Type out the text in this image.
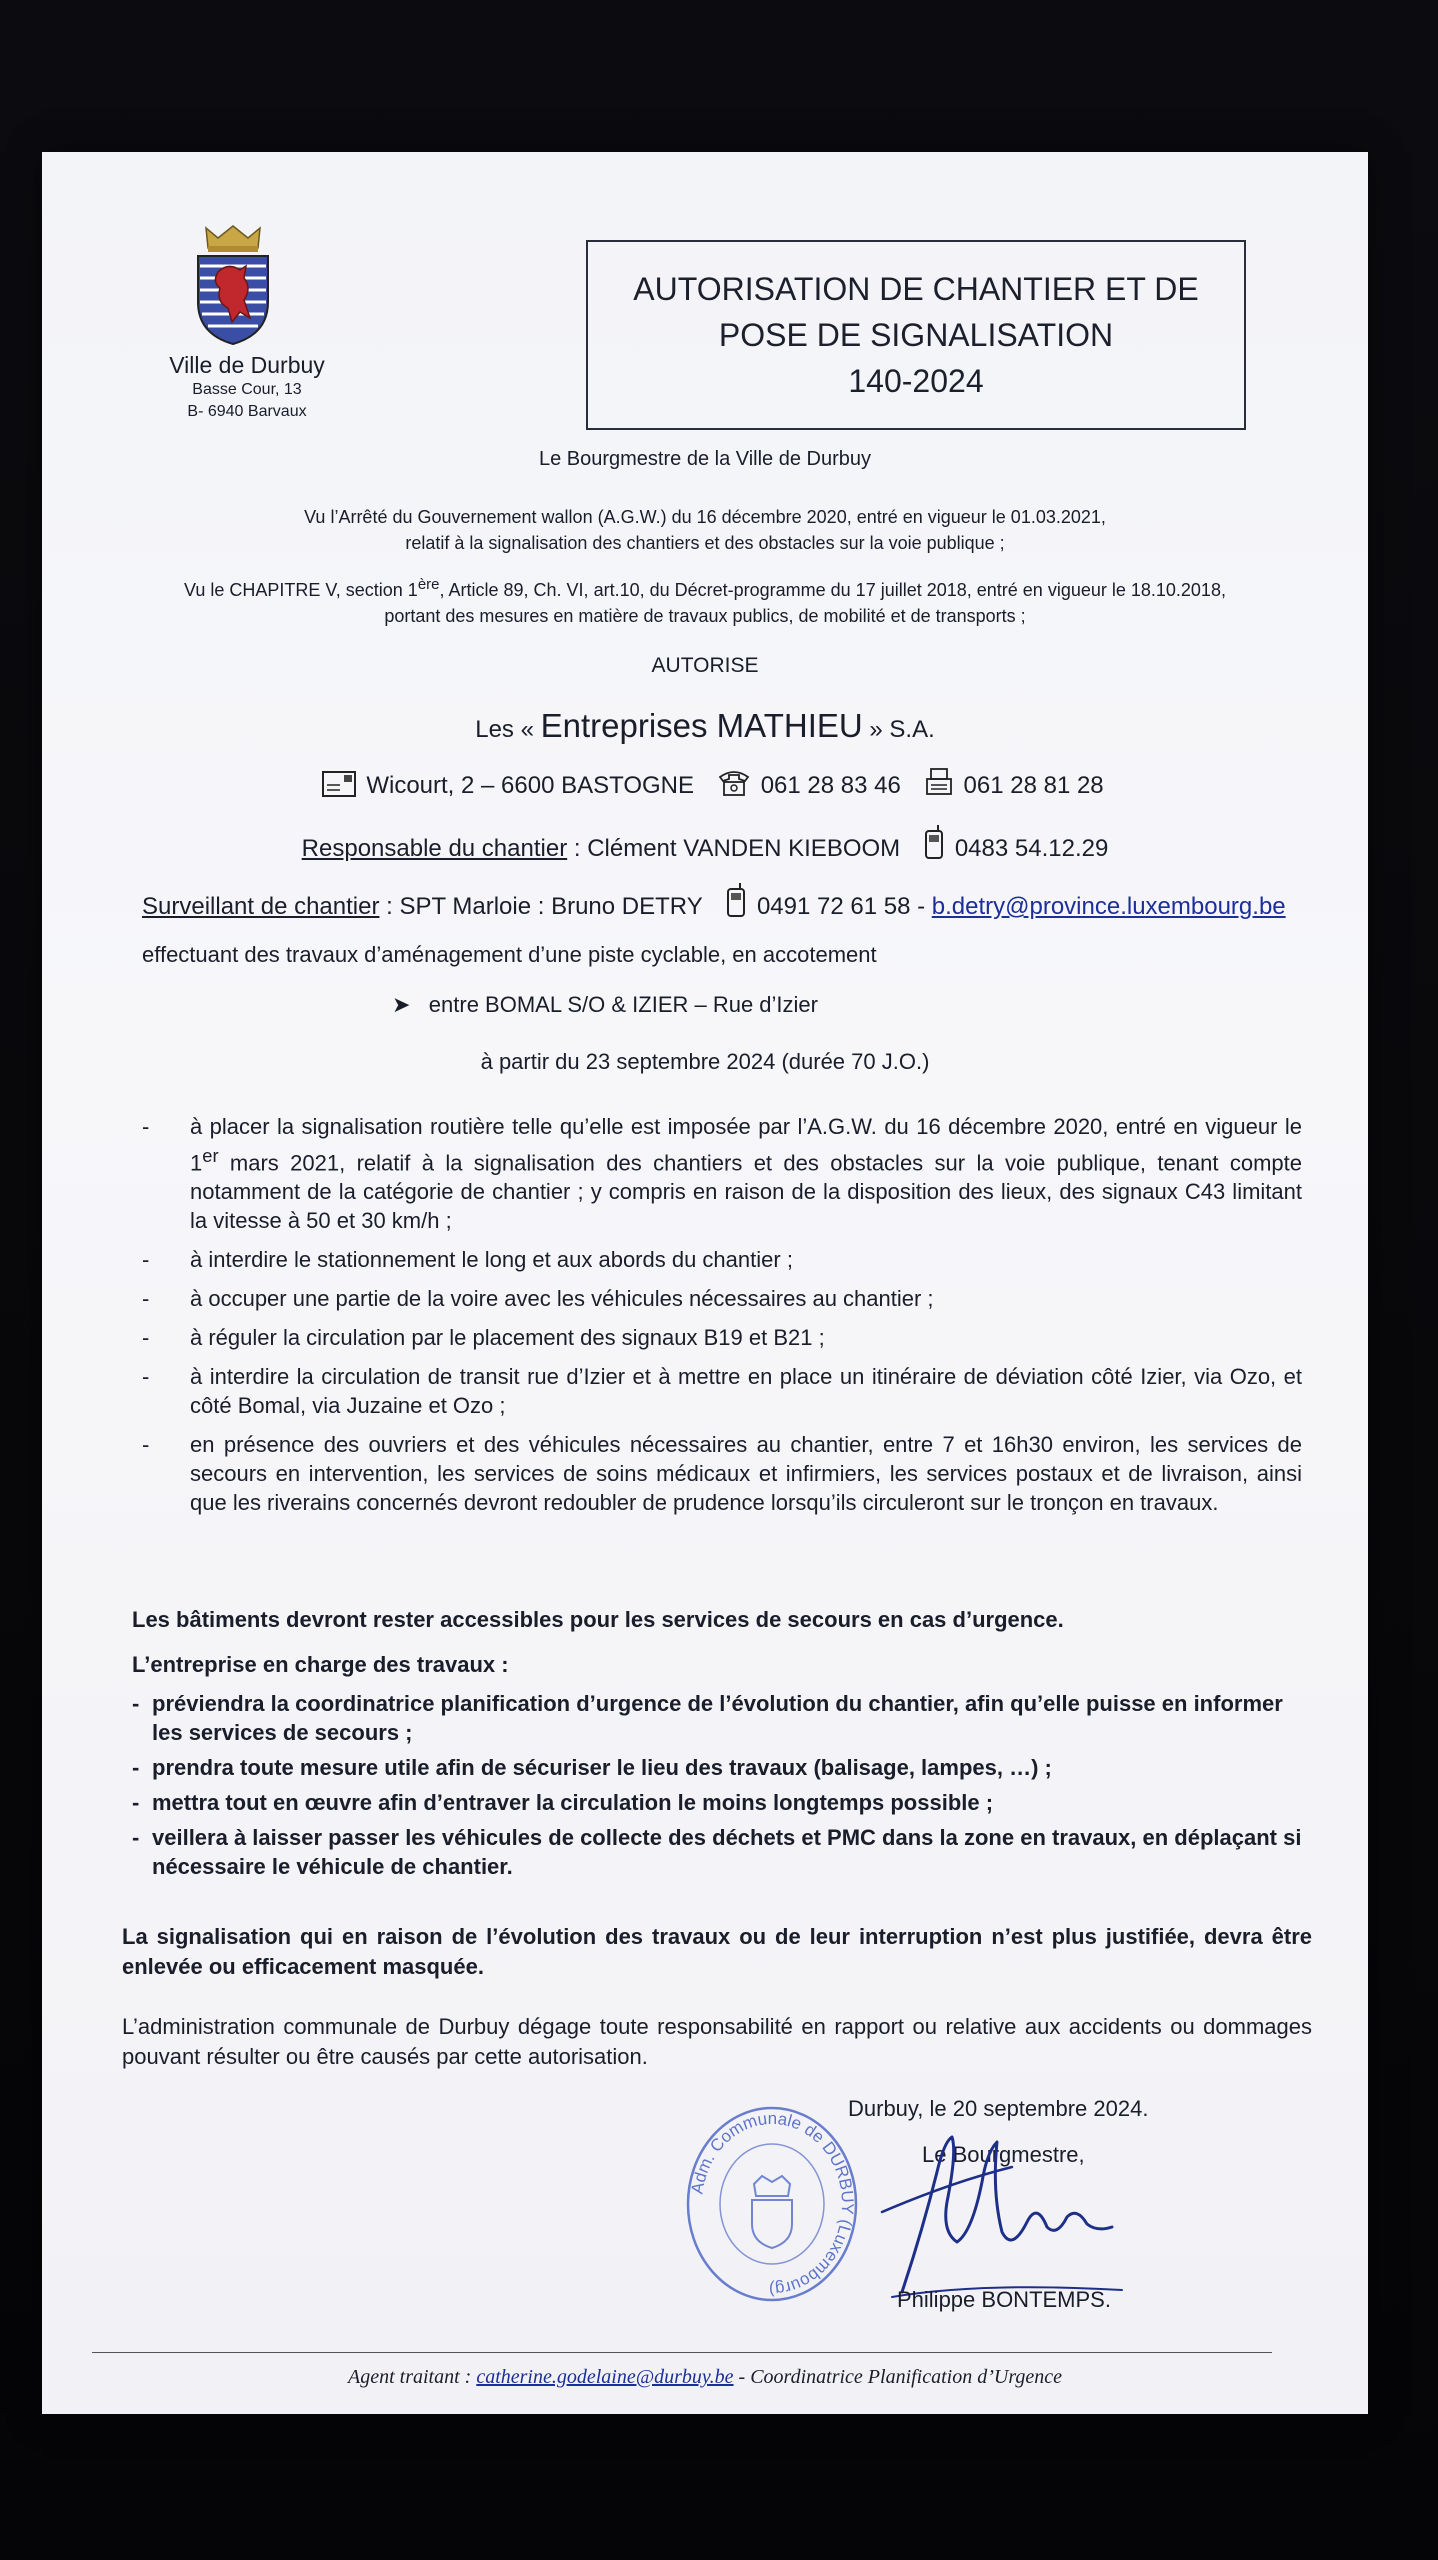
Ville de Durbuy
Basse Cour, 13
B- 6940 Barvaux
AUTORISATION DE CHANTIER ET DE
POSE DE SIGNALISATION
140-2024
Le Bourgmestre de la Ville de Durbuy
Vu l’Arrêté du Gouvernement wallon (A.G.W.) du 16 décembre 2020, entré en vigueur le 01.03.2021,
relatif à la signalisation des chantiers et des obstacles sur la voie publique ;
Vu le CHAPITRE V, section 1ère, Article 89, Ch. VI, art.10, du Décret-programme du 17 juillet 2018, entré en vigueur le 18.10.2018,
portant des mesures en matière de travaux publics, de mobilité et de transports ;
AUTORISE
Les « Entreprises MATHIEU » S.A.
Wicourt, 2 – 6600 BASTOGNE	061 28 83 46	061 28 81 28
Responsable du chantier : Clément VANDEN KIEBOOM 0483 54.12.29
Surveillant de chantier : SPT Marloie : Bruno DETRY 0491 72 61 58 - b.detry@province.luxembourg.be
effectuant des travaux d’aménagement d’une piste cyclable, en accotement
➤   entre BOMAL S/O & IZIER – Rue d’Izier
à partir du 23 septembre 2024 (durée 70 J.O.)
- à placer la signalisation routière telle qu’elle est imposée par l’A.G.W. du 16 décembre 2020, entré en vigueur le 1er mars 2021, relatif à la signalisation des chantiers et des obstacles sur la voie publique, tenant compte notamment de la catégorie de chantier ; y compris en raison de la disposition des lieux, des signaux C43 limitant la vitesse à 50 et 30 km/h ;
- à interdire le stationnement le long et aux abords du chantier ;
- à occuper une partie de la voire avec les véhicules nécessaires au chantier ;
- à réguler la circulation par le placement des signaux B19 et B21 ;
- à interdire la circulation de transit rue d’Izier et à mettre en place un itinéraire de déviation côté Izier, via Ozo, et côté Bomal, via Juzaine et Ozo ;
- en présence des ouvriers et des véhicules nécessaires au chantier, entre 7 et 16h30 environ, les services de secours en intervention, les services de soins médicaux et infirmiers, les services postaux et de livraison, ainsi que les riverains concernés devront redoubler de prudence lorsqu’ils circuleront sur le tronçon en travaux.
Les bâtiments devront rester accessibles pour les services de secours en cas d’urgence.
L’entreprise en charge des travaux :
- préviendra la coordinatrice planification d’urgence de l’évolution du chantier, afin qu’elle puisse en informer les services de secours ;
- prendra toute mesure utile afin de sécuriser le lieu des travaux (balisage, lampes, …) ;
- mettra tout en œuvre afin d’entraver la circulation le moins longtemps possible ;
- veillera à laisser passer les véhicules de collecte des déchets et PMC dans la zone en travaux, en déplaçant si nécessaire le véhicule de chantier.
La signalisation qui en raison de l’évolution des travaux ou de leur interruption n’est plus justifiée, devra être enlevée ou efficacement masquée.
L’administration communale de Durbuy dégage toute responsabilité en rapport ou relative aux accidents ou dommages pouvant résulter ou être causés par cette autorisation.
Durbuy, le 20 septembre 2024.
Le Bourgmestre,
Adm. Communale de DURBUY (Luxembourg)	Philippe BONTEMPS.
Agent traitant : catherine.godelaine@durbuy.be - Coordinatrice Planification d’Urgence
